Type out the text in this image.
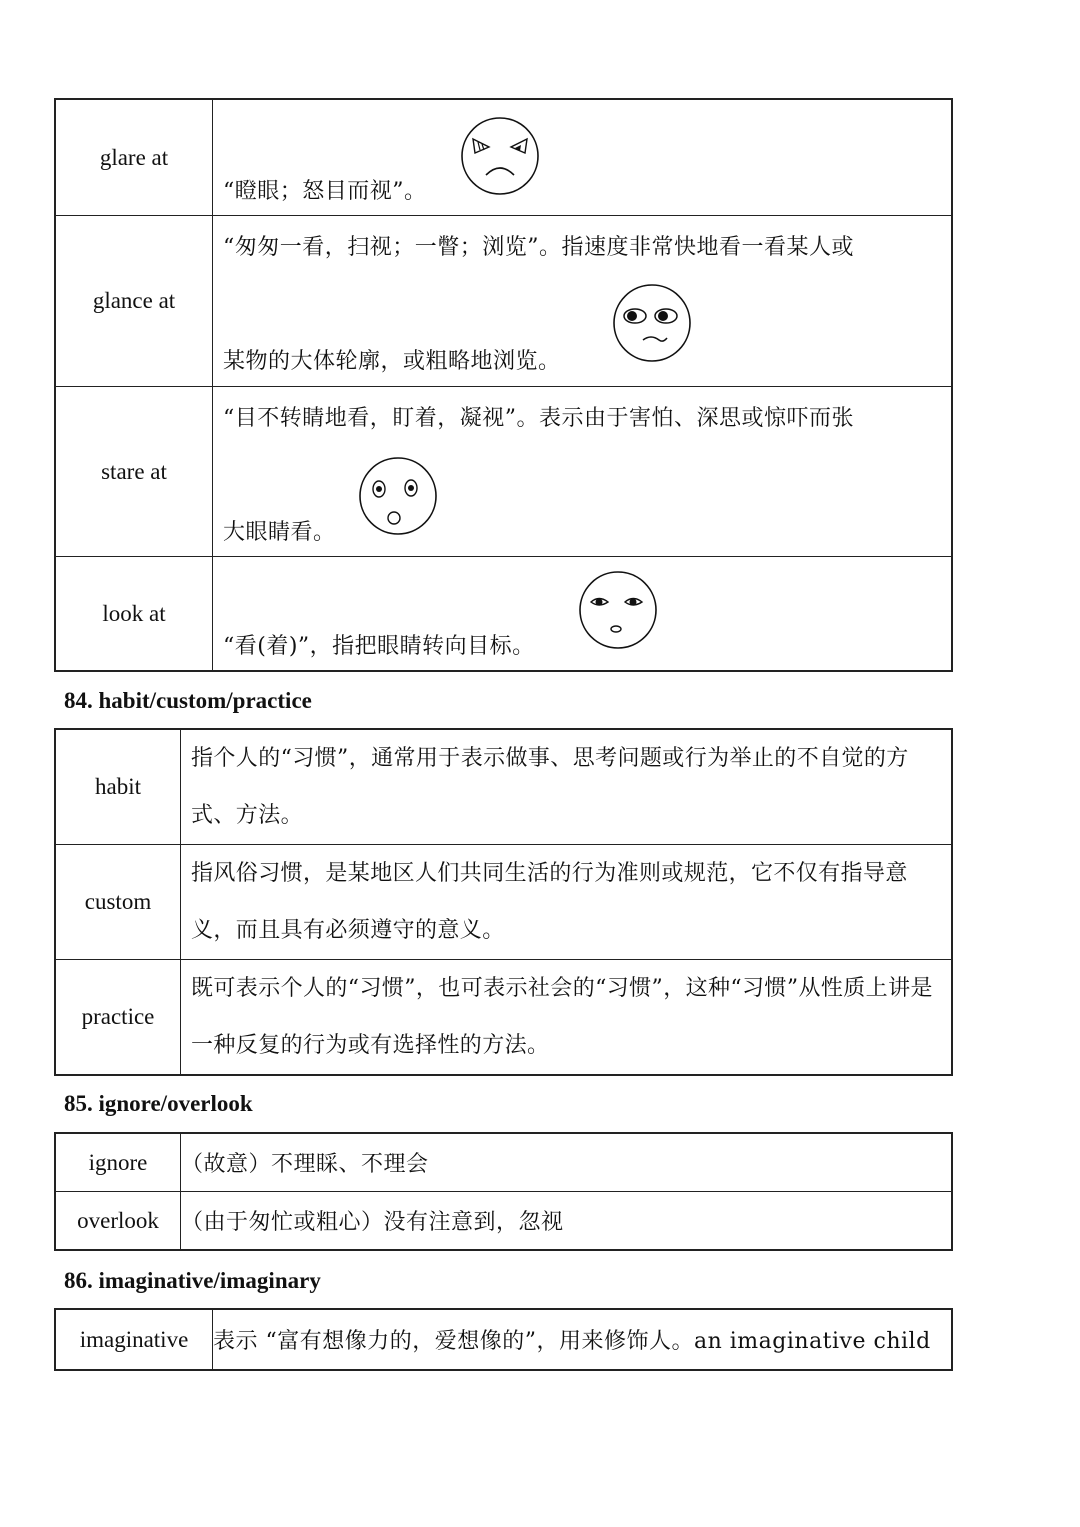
glare at	“瞪眼；怒目而视”。

glance at	“匆匆一看，扫视；一瞥；浏览”。指速度非常快地看一看某人或
某物的大体轮廓，或粗略地浏览。

stare at	“目不转睛地看，盯着，凝视”。表示由于害怕、深思或惊吓而张
大眼睛看。

look at	“看(着)”，指把眼睛转向目标。
84. habit/custom/practice
habit	指个人的“习惯”，通常用于表示做事、思考问题或行为举止的不自觉的方式、方法。

custom	指风俗习惯，是某地区人们共同生活的行为准则或规范，它不仅有指导意义，而且具有必须遵守的意义。

practice	既可表示个人的“习惯”，也可表示社会的“习惯”，这种“习惯”从性质上讲是一种反复的行为或有选择性的方法。
85. ignore/overlook
ignore	（故意）不理睬、不理会
overlook	（由于匆忙或粗心）没有注意到，忽视
86. imaginative/imaginary
imaginative	表示 “富有想像力的，爱想像的”，用来修饰人。an imaginative child
